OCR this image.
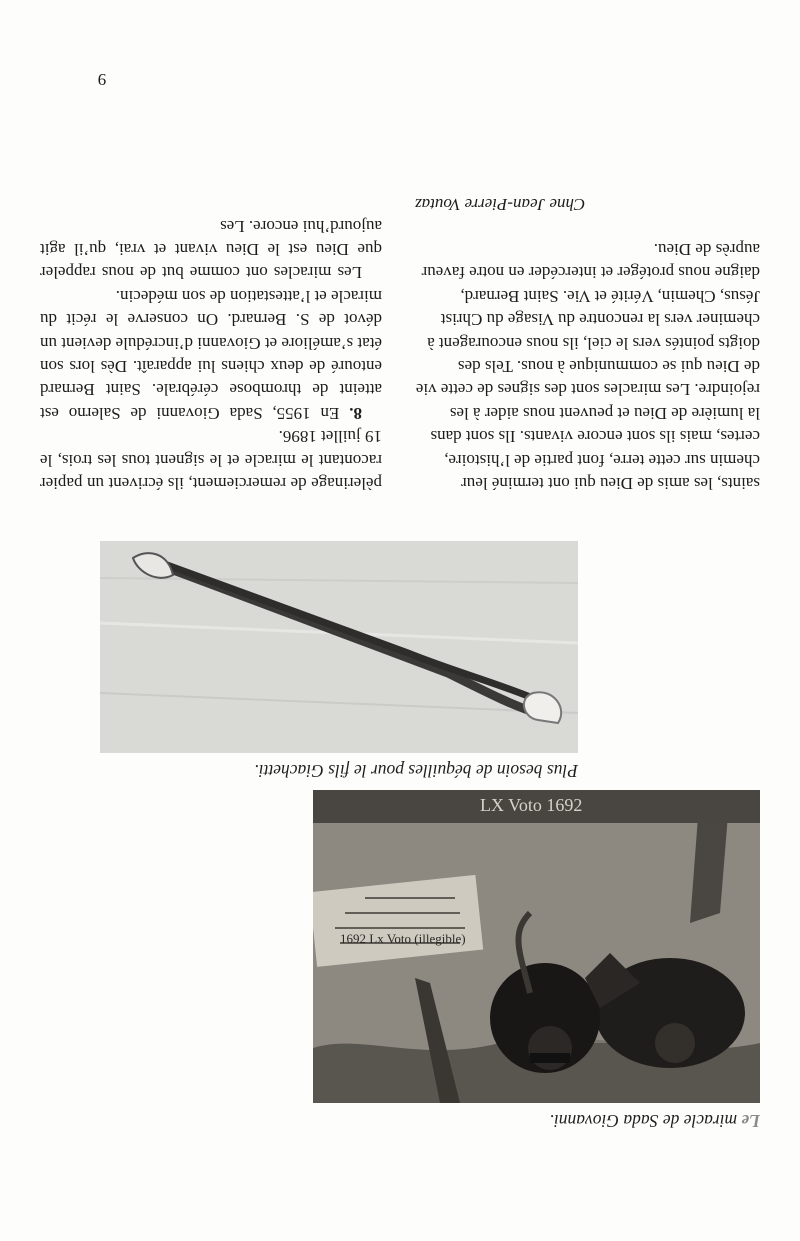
Le miracle de Sada Giovanni.

LX Voto 1692
1692 Lx Voto (illegible)

Plus besoin de béquilles pour le fils Giachetti.

saints, les amis de Dieu qui ont terminé leur chemin sur cette terre, font partie de l’histoire, certes, mais ils sont encore vivants. Ils sont dans la lumière de Dieu et peuvent nous aider à les rejoindre. Les miracles sont des signes de cette vie de Dieu qui se communique à nous. Tels des doigts pointés vers le ciel, ils nous encouragent à cheminer vers la rencontre du Visage du Christ Jésus, Chemin, Vérité et Vie. Saint Bernard, daigne nous protéger et intercéder en notre faveur auprès de Dieu.

Chne Jean-Pierre Voutaz

pèlerinage de remerciement, ils écrivent un papier racontant le miracle et le signent tous les trois, le 19 juillet 1896.

8. En 1955, Sada Giovanni de Salerno est atteint de thrombose cérébrale. Saint Bernard entouré de deux chiens lui apparaît. Dès lors son état s’améliore et Giovanni d’incrédule devient un dévot de S. Bernard. On conserve le récit du miracle et l’attestation de son médecin.

Les miracles ont comme but de nous rappeler que Dieu est le Dieu vivant et vrai, qu’il agit aujourd’hui encore. Les

9
